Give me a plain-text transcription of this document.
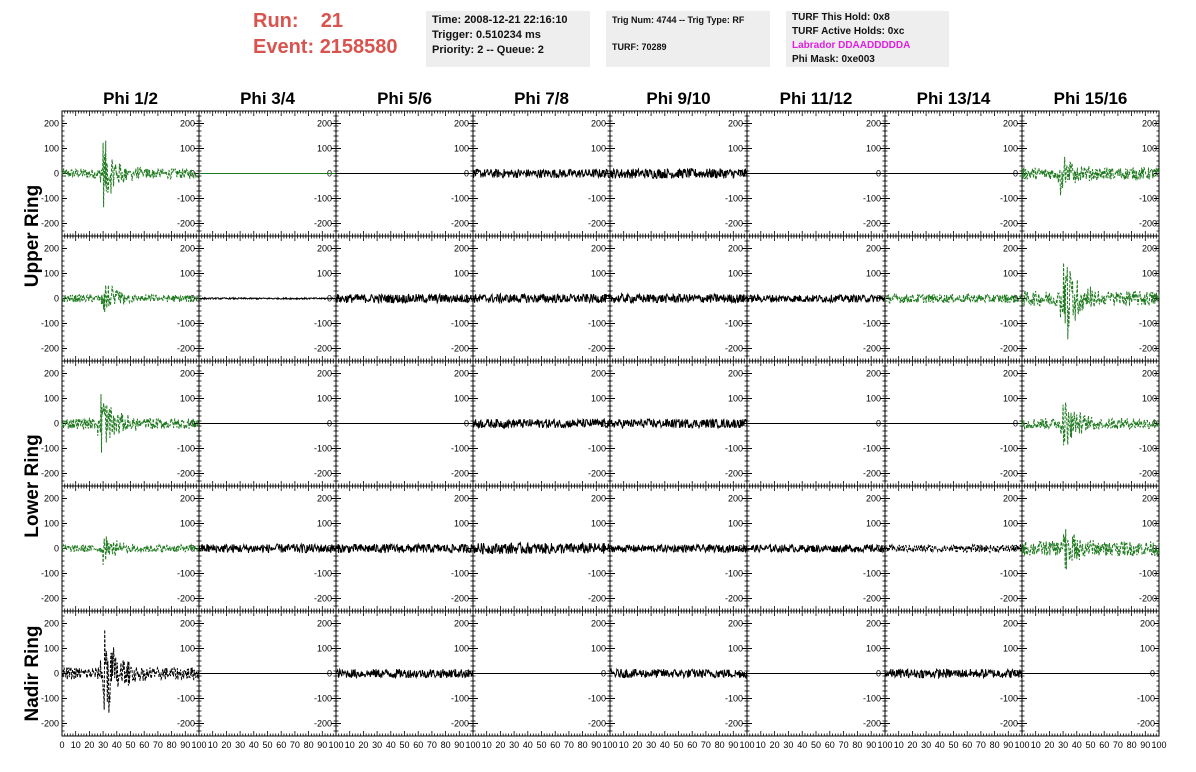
Run: 21
Event: 2158580
Time: 2008-12-21 22:16:10
Trigger: 0.510234 ms
Priority: 2 -- Queue: 2
Trig Num: 4744 -- Trig Type: RF
TURF: 70289
TURF This Hold: 0x8
TURF Active Holds: 0xc
Labrador DDAADDDDDA
Phi Mask: 0xe003
Phi 1/2	Phi 3/4	Phi 5/6	Phi 7/8	Phi 9/10	Phi 11/12	Phi 13/14	Phi 15/16
Upper Ring
Lower Ring
Nadir Ring
200
200
100
100
0
0
-100
-100
-200
-200
200
100
0
-100
-200
200
100
0
-100
-200
200
100
0
-100
-200
200
100
0
-100
-200
200
100
0
-100
-200
200
100
0
-100
-200
200
100
0
-100
-200
200
200
100
100
0
0
-100
-100
-200
-200
200
100
0
-100
-200
200
100
0
-100
-200
200
100
0
-100
-200
200
100
0
-100
-200
200
100
0
-100
-200
200
100
0
-100
-200
200
100
0
-100
-200
200
200
100
100
0
0
-100
-100
-200
-200
200
100
0
-100
-200
200
100
0
-100
-200
200
100
0
-100
-200
200
100
0
-100
-200
200
100
0
-100
-200
200
100
0
-100
-200
200
100
0
-100
-200
200
200
100
100
0
0
-100
-100
-200
-200
200
100
0
-100
-200
200
100
0
-100
-200
200
100
0
-100
-200
200
100
0
-100
-200
200
100
0
-100
-200
200
100
0
-100
-200
200
100
0
-100
-200
200
200
100
100
0
0
-100
-100
-200
-200
200
100
0
-100
-200
200
100
0
-100
-200
200
100
0
-100
-200
200
100
0
-100
-200
200
100
0
-100
-200
200
100
0
-100
-200
200
100
0
-100
-200
0 10 20 30 40 50 60 70 80 90 100 10 20 30 40 50 60 70 80 90 100 10 20 30 40 50 60 70 80 90 100 10 20 30 40 50 60 70 80 90 100 10 20 30 40 50 60 70 80 90 100 10 20 30 40 50 60 70 80 90 100 10 20 30 40 50 60 70 80 90 100 10 20 30 40 50 60 70 80 90 100
